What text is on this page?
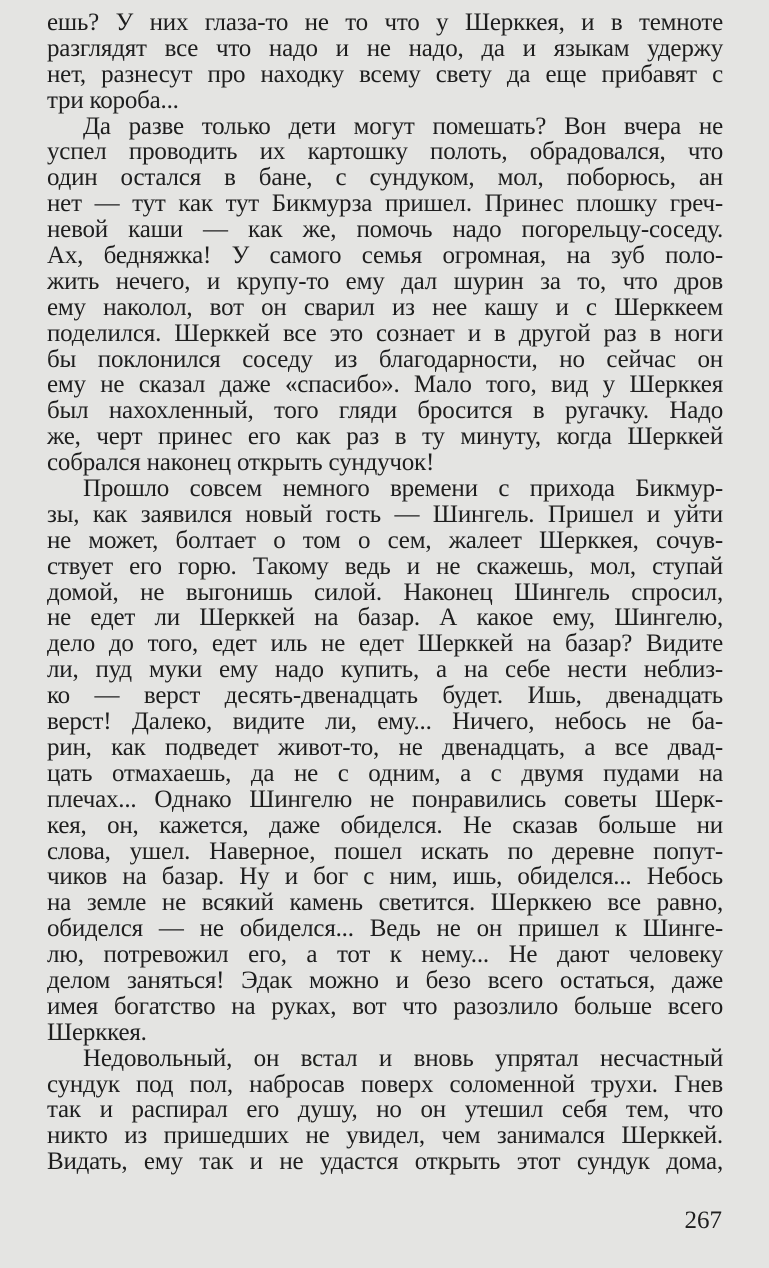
ешь? У них глаза-то не то что у Шерккея, и в темноте
разглядят все что надо и не надо, да и языкам удержу
нет, разнесут про находку всему свету да еще прибавят с
три короба...
Да разве только дети могут помешать? Вон вчера не
успел проводить их картошку полоть, обрадовался, что
один остался в бане, с сундуком, мол, поборюсь, ан
нет — тут как тут Бикмурза пришел. Принес плошку греч-
невой каши — как же, помочь надо погорельцу-соседу.
Ах, бедняжка! У самого семья огромная, на зуб поло-
жить нечего, и крупу-то ему дал шурин за то, что дров
ему наколол, вот он сварил из нее кашу и с Шерккеем
поделился. Шерккей все это сознает и в другой раз в ноги
бы поклонился соседу из благодарности, но сейчас он
ему не сказал даже «спасибо». Мало того, вид у Шерккея
был нахохленный, того гляди бросится в ругачку. Надо
же, черт принес его как раз в ту минуту, когда Шерккей
собрался наконец открыть сундучок!
Прошло совсем немного времени с прихода Бикмур-
зы, как заявился новый гость — Шингель. Пришел и уйти
не может, болтает о том о сем, жалеет Шерккея, сочув-
ствует его горю. Такому ведь и не скажешь, мол, ступай
домой, не выгонишь силой. Наконец Шингель спросил,
не едет ли Шерккей на базар. А какое ему, Шингелю,
дело до того, едет иль не едет Шерккей на базар? Видите
ли, пуд муки ему надо купить, а на себе нести неблиз-
ко — верст десять-двенадцать будет. Ишь, двенадцать
верст! Далеко, видите ли, ему... Ничего, небось не ба-
рин, как подведет живот-то, не двенадцать, а все двад-
цать отмахаешь, да не с одним, а с двумя пудами на
плечах... Однако Шингелю не понравились советы Шерк-
кея, он, кажется, даже обиделся. Не сказав больше ни
слова, ушел. Наверное, пошел искать по деревне попут-
чиков на базар. Ну и бог с ним, ишь, обиделся... Небось
на земле не всякий камень светится. Шерккею все равно,
обиделся — не обиделся... Ведь не он пришел к Шинге-
лю, потревожил его, а тот к нему... Не дают человеку
делом заняться! Эдак можно и безо всего остаться, даже
имея богатство на руках, вот что разозлило больше всего
Шерккея.
Недовольный, он встал и вновь упрятал несчастный
сундук под пол, набросав поверх соломенной трухи. Гнев
так и распирал его душу, но он утешил себя тем, что
никто из пришедших не увидел, чем занимался Шерккей.
Видать, ему так и не удастся открыть этот сундук дома,
267
